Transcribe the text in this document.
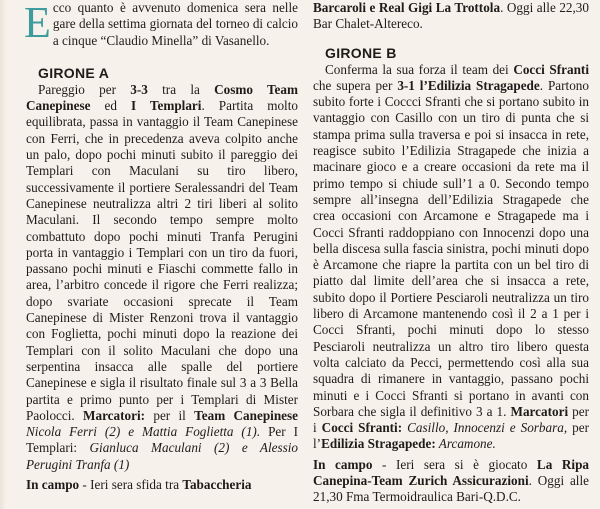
Ecco quanto è avvenuto domenica sera nelle gare della settima giornata del torneo di calcio a cinque “Claudio Minella” di Vasanello.

GIRONE A

Pareggio per 3-3 tra la Cosmo Team Canepinese ed I Templari. Partita molto equilibrata, passa in vantaggio il Team Canepinese con Ferri, che in precedenza aveva colpito anche un palo, dopo pochi minuti subito il pareggio dei Templari con Maculani su tiro libero, successivamente il portiere Seralessandri del Team Canepinese neutralizza altri 2 tiri liberi al solito Maculani. Il secondo tempo sempre molto combattuto dopo pochi minuti Tranfa Perugini porta in vantaggio i Templari con un tiro da fuori, passano pochi minuti e Fiaschi commette fallo in area, l’arbitro concede il rigore che Ferri realizza; dopo svariate occasioni sprecate il Team Canepinese di Mister Renzoni trova il vantaggio con Foglietta, pochi minuti dopo la reazione dei Templari con il solito Maculani che dopo una serpentina insacca alle spalle del portiere Canepinese e sigla il risultato finale sul 3 a 3 Bella partita e primo punto per i Templari di Mister Paolocci. Marcatori: per il Team Canepinese Nicola Ferri (2) e Mattia Foglietta (1). Per I Templari: Gianluca Maculani (2) e Alessio Perugini Tranfa (1)

In campo - Ieri sera sfida tra Tabaccheria

Barcaroli e Real Gigi La Trottola. Oggi alle 22,30 Bar Chalet-Altereco.

GIRONE B

Conferma la sua forza il team dei Cocci Sfranti che supera per 3-1 l’Edilizia Stragapede. Partono subito forte i Coccci Sfranti che si portano subito in vantaggio con Casillo con un tiro di punta che si stampa prima sulla traversa e poi si insacca in rete, reagisce subito l’Edilizia Stragapede che inizia a macinare gioco e a creare occasioni da rete ma il primo tempo si chiude sull’1 a 0. Secondo tempo sempre all’insegna dell’Edilizia Stragapede che crea occasioni con Arcamone e Stragapede ma i Cocci Sfranti raddoppiano con Innocenzi dopo una bella discesa sulla fascia sinistra, pochi minuti dopo è Arcamone che riapre la partita con un bel tiro di piatto dal limite dell’area che si insacca a rete, subito dopo il Portiere Pesciaroli neutralizza un tiro libero di Arcamone mantenendo così il 2 a 1 per i Cocci Sfranti, pochi minuti dopo lo stesso Pesciaroli neutralizza un altro tiro libero questa volta calciato da Pecci, permettendo così alla sua squadra di rimanere in vantaggio, passano pochi minuti e i Cocci Sfranti si portano in avanti con Sorbara che sigla il definitivo 3 a 1. Marcatori per i Cocci Sfranti: Casillo, Innocenzi e Sorbara, per l’Edilizia Stragapede: Arcamone.

In campo - Ieri sera si è giocato La Ripa Canepina-Team Zurich Assicurazioni. Oggi alle 21,30 Fma Termoidraulica Bari-Q.D.C.
